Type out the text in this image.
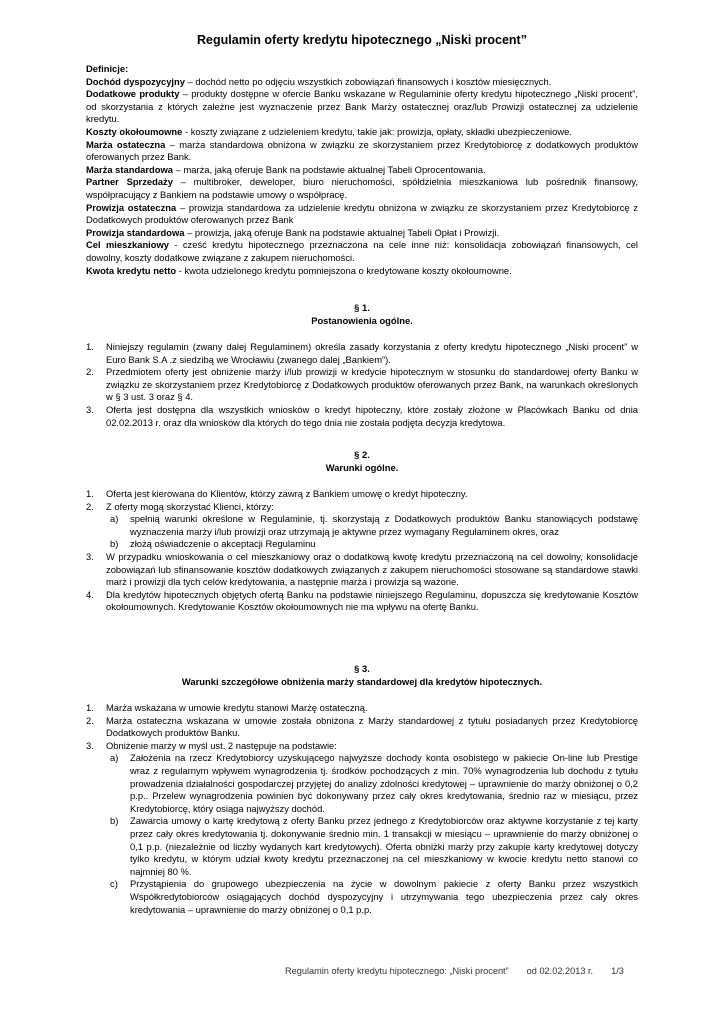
Regulamin oferty kredytu hipotecznego „Niski procent”

Definicje:

Dochód dyspozycyjny – dochód netto po odjęciu wszystkich zobowiązań finansowych i kosztów miesięcznych.

Dodatkowe produkty – produkty dostępne w ofercie Banku wskazane w Regulaminie oferty kredytu hipotecznego „Niski procent”, od skorzystania z których zależne jest wyznaczenie przez Bank Marży ostatecznej oraz/lub Prowizji ostatecznej za udzielenie kredytu.

Koszty okołoumowne - koszty związane z udzieleniem kredytu, takie jak: prowizja, opłaty, składki ubezpieczeniowe.

Marża ostateczna – marża standardowa obniżona w związku ze skorzystaniem przez Kredytobiorcę z dodatkowych produktów oferowanych przez Bank.

Marża standardowa – marża, jaką oferuje Bank na podstawie aktualnej Tabeli Oprocentowania.

Partner Sprzedaży – multibroker, deweloper, biuro nieruchomości, spółdzielnia mieszkaniowa lub pośrednik finansowy, współpracujący z Bankiem na podstawie umowy o współpracę.

Prowizja ostateczna – prowizja standardowa za udzielenie kredytu obniżona w związku ze skorzystaniem przez Kredytobiorcę z Dodatkowych produktów oferowanych przez Bank

Prowizja standardowa – prowizja, jaką oferuje Bank na podstawie aktualnej Tabeli Opłat i Prowizji.

Cel mieszkaniowy - cześć kredytu hipotecznego przeznaczona na cele inne niż: konsolidacja zobowiązań finansowych, cel dowolny, koszty dodatkowe związane z zakupem nieruchomości.

Kwota kredytu netto - kwota udzielonego kredytu pomniejszona o kredytowane koszty okołoumowne.

§ 1.

Postanowienia ogólne.

1. Niniejszy regulamin (zwany dalej Regulaminem) określa zasady korzystania z oferty kredytu hipotecznego „Niski procent” w Euro Bank S.A .z siedzibą we Wrocławiu (zwanego dalej „Bankiem”).
2. Przedmiotem oferty jest obniżenie marży i/lub prowizji w kredycie hipotecznym w stosunku do standardowej oferty Banku w związku ze skorzystaniem przez Kredytobiorcę z Dodatkowych produktów oferowanych przez Bank, na warunkach określonych w § 3 ust. 3 oraz § 4.
3. Oferta jest dostępna dla wszystkich wniosków o kredyt hipoteczny, które zostały złożone w Placówkach Banku od dnia 02.02.2013 r. oraz dla wniosków dla których do tego dnia nie została podjęta decyzja kredytowa.

§ 2.

Warunki ogólne.

1. Oferta jest kierowana do Klientów, którzy zawrą z Bankiem umowę o kredyt hipoteczny.
2. Z oferty mogą skorzystać Klienci, którzy:
a) spełnią warunki określone w Regulaminie, tj. skorzystają z Dodatkowych produktów Banku stanowiących podstawę wyznaczenia marży i/lub prowizji oraz utrzymają je aktywne przez wymagany Regulaminem okres, oraz
b) złożą oświadczenie o akceptacji Regulaminu
3. W przypadku wnioskowania o cel mieszkaniowy oraz o dodatkową kwotę kredytu przeznaczoną na cel dowolny, konsolidacje zobowiązań lub sfinansowanie kosztów dodatkowych związanych z zakupem nieruchomości stosowane są standardowe stawki marż i prowizji dla tych celów kredytowania, a następnie marża i prowizja są ważone.
4. Dla kredytów hipotecznych objętych ofertą Banku na podstawie niniejszego Regulaminu, dopuszcza się kredytowanie Kosztów okołoumownych. Kredytowanie Kosztów okołoumownych nie ma wpływu na ofertę Banku.

§ 3.

Warunki szczegółowe obniżenia marży standardowej dla kredytów hipotecznych.

1. Marża wskazana w umowie kredytu stanowi Marżę ostateczną.
2. Marża ostateczna wskazana w umowie została obniżona z Marży standardowej z tytułu posiadanych przez Kredytobiorcę Dodatkowych produktów Banku.
3. Obniżenie marży w myśl ust. 2 następuje na podstawie:
a) Założenia na rzecz Kredytobiorcy uzyskującego najwyższe dochody konta osobistego w pakiecie On-line lub Prestige wraz z regularnym wpływem wynagrodzenia tj. środków pochodzących z min. 70% wynagrodzenia lub dochodu z tytułu prowadzenia działalności gospodarczej przyjętej do analizy zdolności kredytowej – uprawnienie do marży obniżonej o 0,2 p.p.. Przelew wynagrodzenia powinien być dokonywany przez cały okres kredytowania, średnio raz w miesiącu, przez Kredytobiorcę, który osiąga najwyższy dochód.
b) Zawarcia umowy o kartę kredytową z oferty Banku przez jednego z Kredytobiorców oraz aktywne korzystanie z tej karty przez cały okres kredytowania tj. dokonywanie średnio min. 1 transakcji w miesiącu – uprawnienie do marży obniżonej o 0,1 p.p. (niezależnie od liczby wydanych kart kredytowych). Oferta obniżki marży przy zakupie karty kredytowej dotyczy tylko kredytu, w którym udział kwoty kredytu przeznaczonej na cel mieszkaniowy w kwocie kredytu netto stanowi co najmniej 80 %.
c) Przystąpienia do grupowego ubezpieczenia na życie w dowolnym pakiecie z oferty Banku przez wszystkich Współkredytobiorców osiągających dochód dyspozycyjny i utrzymywania tego ubezpieczenia przez cały okres kredytowania – uprawnienie do marży obniżonej o 0,1 p.p.
Regulamin oferty kredytu hipotecznego: „Niski procent” od 02.02.2013 r. 1/3
